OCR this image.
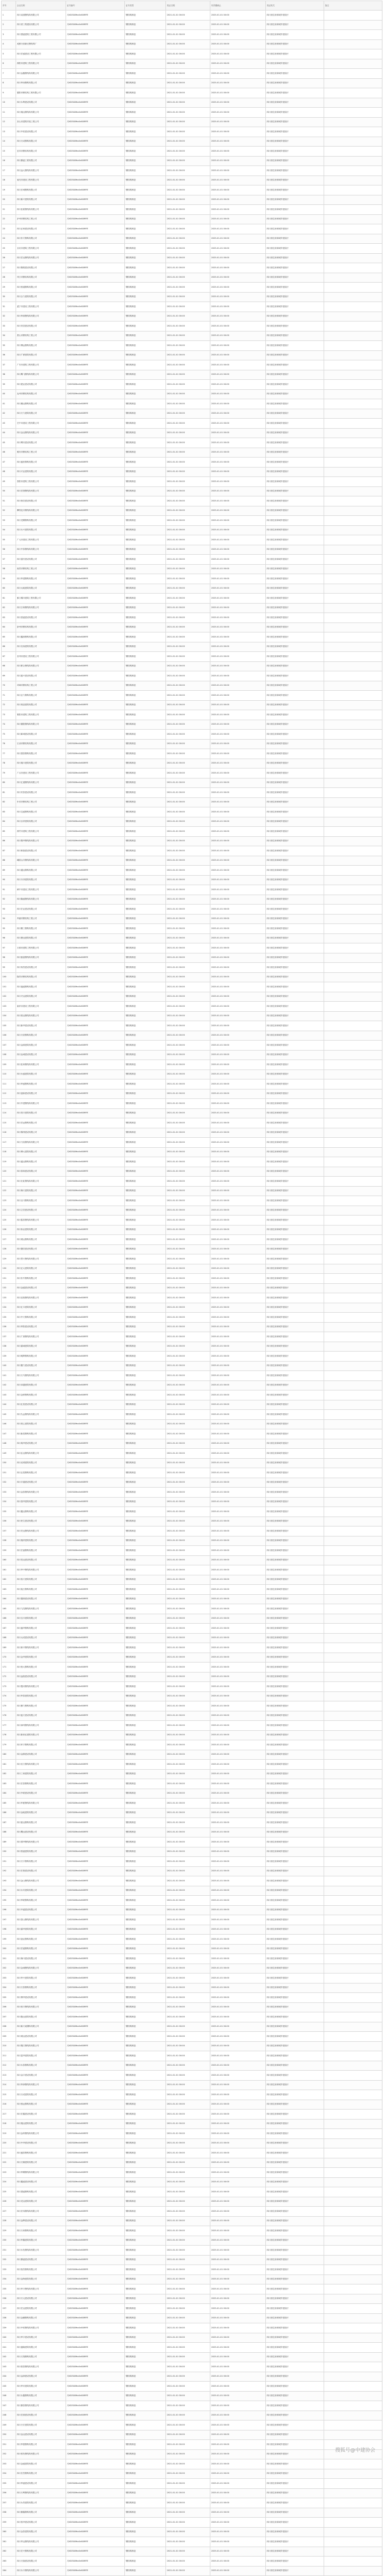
序号	企业名称	证书编号	证书类型	发证日期	有效期截止	发证机关	备注
1	四川双旗钢结构有限公司	川XD3G8Ho0vN3iRFE	钢结构制造	2021-01-01 00:00	2025-01-01 00:00	四川省住房和城乡建设厅	
2	四川省工程建设有限公司	川XD3G8Ho0vN3iRFE	钢结构制造	2021-01-01 00:00	2025-01-01 00:00	四川省住房和城乡建设厅	
3	四川国盛建筑工程有限公司	川XD3G8Ho0vN3iRFE	钢结构制造	2021-01-01 00:00	2025-01-01 00:00	四川省住房和城乡建设厅	
4	成都天府新区钢结构厂	川XD3G8Ho0vN3iRFE	钢结构制造	2021-01-01 00:00	2025-01-01 00:00	四川省住房和城乡建设厅	
5	四川宏盛建设工程有限公司	川XD3G8Ho0vN3iRFE	钢结构制造	2021-01-01 00:00	2025-01-01 00:00	四川省住房和城乡建设厅	
6	绵阳市建筑工程有限公司	川XD3G8Ho0vN3iRFE	钢结构制造	2021-01-01 00:00	2025-01-01 00:00	四川省住房和城乡建设厅	
7	四川金鑫钢结构有限公司	川XD3G8Ho0vN3iRFE	钢结构制造	2021-01-01 00:00	2025-01-01 00:00	四川省住房和城乡建设厅	
8	四川华西钢构有限公司	川XD3G8Ho0vN3iRFE	钢结构制造	2021-01-01 00:00	2025-01-01 00:00	四川省住房和城乡建设厅	
9	德阳市钢结构工程有限公司	川XD3G8Ho0vN3iRFE	钢结构制造	2021-01-01 00:00	2025-01-01 00:00	四川省住房和城乡建设厅	
10	四川永利建设有限公司	川XD3G8Ho0vN3iRFE	钢结构制造	2021-01-01 00:00	2025-01-01 00:00	四川省住房和城乡建设厅	
11	四川瑞达钢结构有限公司	川XD3G8Ho0vN3iRFE	钢结构制造	2021-01-01 00:00	2025-01-01 00:00	四川省住房和城乡建设厅	
12	乐山市建筑安装工程公司	川XD3G8Ho0vN3iRFE	钢结构制造	2021-01-01 00:00	2025-01-01 00:00	四川省住房和城乡建设厅	
13	四川中恒建设有限公司	川XD3G8Ho0vN3iRFE	钢结构制造	2021-01-01 00:00	2025-01-01 00:00	四川省住房和城乡建设厅	
14	四川天成钢构有限公司	川XD3G8Ho0vN3iRFE	钢结构制造	2021-01-01 00:00	2025-01-01 00:00	四川省住房和城乡建设厅	
15	宜宾市钢结构有限公司	川XD3G8Ho0vN3iRFE	钢结构制造	2021-01-01 00:00	2025-01-01 00:00	四川省住房和城乡建设厅	
16	四川鼎盛工程有限公司	川XD3G8Ho0vN3iRFE	钢结构制造	2021-01-01 00:00	2025-01-01 00:00	四川省住房和城乡建设厅	
17	四川远大钢结构有限公司	川XD3G8Ho0vN3iRFE	钢结构制造	2021-01-01 00:00	2025-01-01 00:00	四川省住房和城乡建设厅	
18	南充市建设工程有限公司	川XD3G8Ho0vN3iRFE	钢结构制造	2021-01-01 00:00	2025-01-01 00:00	四川省住房和城乡建设厅	
19	四川长城钢构有限公司	川XD3G8Ho0vN3iRFE	钢结构制造	2021-01-01 00:00	2025-01-01 00:00	四川省住房和城乡建设厅	
20	四川新兴建筑有限公司	川XD3G8Ho0vN3iRFE	钢结构制造	2021-01-01 00:00	2025-01-01 00:00	四川省住房和城乡建设厅	
21	四川佳豪钢结构有限公司	川XD3G8Ho0vN3iRFE	钢结构制造	2021-01-01 00:00	2025-01-01 00:00	四川省住房和城乡建设厅	
22	泸州市钢结构工程公司	川XD3G8Ho0vN3iRFE	钢结构制造	2021-01-01 00:00	2025-01-01 00:00	四川省住房和城乡建设厅	
23	四川正和建设有限公司	川XD3G8Ho0vN3iRFE	钢结构制造	2021-01-01 00:00	2025-01-01 00:00	四川省住房和城乡建设厅	
24	四川东方钢构有限公司	川XD3G8Ho0vN3iRFE	钢结构制造	2021-01-01 00:00	2025-01-01 00:00	四川省住房和城乡建设厅	
25	自贡市建筑工程有限公司	川XD3G8Ho0vN3iRFE	钢结构制造	2021-01-01 00:00	2025-01-01 00:00	四川省住房和城乡建设厅	
26	四川宏达钢结构有限公司	川XD3G8Ho0vN3iRFE	钢结构制造	2021-01-01 00:00	2025-01-01 00:00	四川省住房和城乡建设厅	
27	四川锦程建设有限公司	川XD3G8Ho0vN3iRFE	钢结构制造	2021-01-01 00:00	2025-01-01 00:00	四川省住房和城乡建设厅	
28	内江市钢结构有限公司	川XD3G8Ho0vN3iRFE	钢结构制造	2021-01-01 00:00	2025-01-01 00:00	四川省住房和城乡建设厅	
29	四川恒通钢构有限公司	川XD3G8Ho0vN3iRFE	钢结构制造	2021-01-01 00:00	2025-01-01 00:00	四川省住房和城乡建设厅	
30	四川合力建筑有限公司	川XD3G8Ho0vN3iRFE	钢结构制造	2021-01-01 00:00	2025-01-01 00:00	四川省住房和城乡建设厅	
31	遂宁市建设工程有限公司	川XD3G8Ho0vN3iRFE	钢结构制造	2021-01-01 00:00	2025-01-01 00:00	四川省住房和城乡建设厅	
32	四川华源钢结构有限公司	川XD3G8Ho0vN3iRFE	钢结构制造	2021-01-01 00:00	2025-01-01 00:00	四川省住房和城乡建设厅	
33	四川安居建设有限公司	川XD3G8Ho0vN3iRFE	钢结构制造	2021-01-01 00:00	2025-01-01 00:00	四川省住房和城乡建设厅	
34	眉山市钢结构工程公司	川XD3G8Ho0vN3iRFE	钢结构制造	2021-01-01 00:00	2025-01-01 00:00	四川省住房和城乡建设厅	
35	四川博远钢构有限公司	川XD3G8Ho0vN3iRFE	钢结构制造	2021-01-01 00:00	2025-01-01 00:00	四川省住房和城乡建设厅	
36	四川广厦建筑有限公司	川XD3G8Ho0vN3iRFE	钢结构制造	2021-01-01 00:00	2025-01-01 00:00	四川省住房和城乡建设厅	
37	广安市建筑工程有限公司	川XD3G8Ho0vN3iRFE	钢结构制造	2021-01-01 00:00	2025-01-01 00:00	四川省住房和城乡建设厅	
38	四川腾飞钢结构有限公司	川XD3G8Ho0vN3iRFE	钢结构制造	2021-01-01 00:00	2025-01-01 00:00	四川省住房和城乡建设厅	
39	四川建业建设有限公司	川XD3G8Ho0vN3iRFE	钢结构制造	2021-01-01 00:00	2025-01-01 00:00	四川省住房和城乡建设厅	
40	达州市钢结构有限公司	川XD3G8Ho0vN3iRFE	钢结构制造	2021-01-01 00:00	2025-01-01 00:00	四川省住房和城乡建设厅	
41	四川顺达钢构有限公司	川XD3G8Ho0vN3iRFE	钢结构制造	2021-01-01 00:00	2025-01-01 00:00	四川省住房和城乡建设厅	
42	四川天力建筑有限公司	川XD3G8Ho0vN3iRFE	钢结构制造	2021-01-01 00:00	2025-01-01 00:00	四川省住房和城乡建设厅	
43	巴中市建设工程有限公司	川XD3G8Ho0vN3iRFE	钢结构制造	2021-01-01 00:00	2025-01-01 00:00	四川省住房和城乡建设厅	
44	四川金达钢结构有限公司	川XD3G8Ho0vN3iRFE	钢结构制造	2021-01-01 00:00	2025-01-01 00:00	四川省住房和城乡建设厅	
45	四川利民建设有限公司	川XD3G8Ho0vN3iRFE	钢结构制造	2021-01-01 00:00	2025-01-01 00:00	四川省住房和城乡建设厅	
46	雅安市钢结构工程公司	川XD3G8Ho0vN3iRFE	钢结构制造	2021-01-01 00:00	2025-01-01 00:00	四川省住房和城乡建设厅	
47	四川盛世钢构有限公司	川XD3G8Ho0vN3iRFE	钢结构制造	2021-01-01 00:00	2025-01-01 00:00	四川省住房和城乡建设厅	
48	四川兴业建筑有限公司	川XD3G8Ho0vN3iRFE	钢结构制造	2021-01-01 00:00	2025-01-01 00:00	四川省住房和城乡建设厅	
49	资阳市建筑工程有限公司	川XD3G8Ho0vN3iRFE	钢结构制造	2021-01-01 00:00	2025-01-01 00:00	四川省住房和城乡建设厅	
50	四川宏图钢结构有限公司	川XD3G8Ho0vN3iRFE	钢结构制造	2021-01-01 00:00	2025-01-01 00:00	四川省住房和城乡建设厅	
51	四川恒信建设有限公司	川XD3G8Ho0vN3iRFE	钢结构制造	2021-01-01 00:00	2025-01-01 00:00	四川省住房和城乡建设厅	
52	攀枝花市钢结构有限公司	川XD3G8Ho0vN3iRFE	钢结构制造	2021-01-01 00:00	2025-01-01 00:00	四川省住房和城乡建设厅	
53	四川龙腾钢构有限公司	川XD3G8Ho0vN3iRFE	钢结构制造	2021-01-01 00:00	2025-01-01 00:00	四川省住房和城乡建设厅	
54	四川永兴建筑有限公司	川XD3G8Ho0vN3iRFE	钢结构制造	2021-01-01 00:00	2025-01-01 00:00	四川省住房和城乡建设厅	
55	广元市建设工程有限公司	川XD3G8Ho0vN3iRFE	钢结构制造	2021-01-01 00:00	2025-01-01 00:00	四川省住房和城乡建设厅	
56	四川中泰钢结构有限公司	川XD3G8Ho0vN3iRFE	钢结构制造	2021-01-01 00:00	2025-01-01 00:00	四川省住房和城乡建设厅	
57	四川富民建设有限公司	川XD3G8Ho0vN3iRFE	钢结构制造	2021-01-01 00:00	2025-01-01 00:00	四川省住房和城乡建设厅	
58	西昌市钢结构工程公司	川XD3G8Ho0vN3iRFE	钢结构制造	2021-01-01 00:00	2025-01-01 00:00	四川省住房和城乡建设厅	
59	四川华建钢构有限公司	川XD3G8Ho0vN3iRFE	钢结构制造	2021-01-01 00:00	2025-01-01 00:00	四川省住房和城乡建设厅	
60	四川大地建筑有限公司	川XD3G8Ho0vN3iRFE	钢结构制造	2021-01-01 00:00	2025-01-01 00:00	四川省住房和城乡建设厅	
61	都江堰市建筑工程有限公司	川XD3G8Ho0vN3iRFE	钢结构制造	2021-01-01 00:00	2025-01-01 00:00	四川省住房和城乡建设厅	
62	四川万和钢结构有限公司	川XD3G8Ho0vN3iRFE	钢结构制造	2021-01-01 00:00	2025-01-01 00:00	四川省住房和城乡建设厅	
63	四川昌盛建设有限公司	川XD3G8Ho0vN3iRFE	钢结构制造	2021-01-01 00:00	2025-01-01 00:00	四川省住房和城乡建设厅	
64	彭州市钢结构有限公司	川XD3G8Ho0vN3iRFE	钢结构制造	2021-01-01 00:00	2025-01-01 00:00	四川省住房和城乡建设厅	
65	四川鑫源钢构有限公司	川XD3G8Ho0vN3iRFE	钢结构制造	2021-01-01 00:00	2025-01-01 00:00	四川省住房和城乡建设厅	
66	四川名扬建筑有限公司	川XD3G8Ho0vN3iRFE	钢结构制造	2021-01-01 00:00	2025-01-01 00:00	四川省住房和城乡建设厅	
67	崇州市建设工程有限公司	川XD3G8Ho0vN3iRFE	钢结构制造	2021-01-01 00:00	2025-01-01 00:00	四川省住房和城乡建设厅	
68	四川联合钢结构有限公司	川XD3G8Ho0vN3iRFE	钢结构制造	2021-01-01 00:00	2025-01-01 00:00	四川省住房和城乡建设厅	
69	四川振兴建设有限公司	川XD3G8Ho0vN3iRFE	钢结构制造	2021-01-01 00:00	2025-01-01 00:00	四川省住房和城乡建设厅	
70	邛崃市钢结构工程公司	川XD3G8Ho0vN3iRFE	钢结构制造	2021-01-01 00:00	2025-01-01 00:00	四川省住房和城乡建设厅	
71	四川巨力钢构有限公司	川XD3G8Ho0vN3iRFE	钢结构制造	2021-01-01 00:00	2025-01-01 00:00	四川省住房和城乡建设厅	
72	四川同创建筑有限公司	川XD3G8Ho0vN3iRFE	钢结构制造	2021-01-01 00:00	2025-01-01 00:00	四川省住房和城乡建设厅	
73	简阳市建筑工程有限公司	川XD3G8Ho0vN3iRFE	钢结构制造	2021-01-01 00:00	2025-01-01 00:00	四川省住房和城乡建设厅	
74	四川德胜钢结构有限公司	川XD3G8Ho0vN3iRFE	钢结构制造	2021-01-01 00:00	2025-01-01 00:00	四川省住房和城乡建设厅	
75	四川新城建设有限公司	川XD3G8Ho0vN3iRFE	钢结构制造	2021-01-01 00:00	2025-01-01 00:00	四川省住房和城乡建设厅	
76	江油市钢结构有限公司	川XD3G8Ho0vN3iRFE	钢结构制造	2021-01-01 00:00	2025-01-01 00:00	四川省住房和城乡建设厅	
77	四川国泰钢构有限公司	川XD3G8Ho0vN3iRFE	钢结构制造	2021-01-01 00:00	2025-01-01 00:00	四川省住房和城乡建设厅	
78	四川瑞丰建筑有限公司	川XD3G8Ho0vN3iRFE	钢结构制造	2021-01-01 00:00	2025-01-01 00:00	四川省住房和城乡建设厅	
79	广汉市建设工程有限公司	川XD3G8Ho0vN3iRFE	钢结构制造	2021-01-01 00:00	2025-01-01 00:00	四川省住房和城乡建设厅	
80	四川汇通钢结构有限公司	川XD3G8Ho0vN3iRFE	钢结构制造	2021-01-01 00:00	2025-01-01 00:00	四川省住房和城乡建设厅	
81	四川安泰建设有限公司	川XD3G8Ho0vN3iRFE	钢结构制造	2021-01-01 00:00	2025-01-01 00:00	四川省住房和城乡建设厅	
82	什邡市钢结构工程公司	川XD3G8Ho0vN3iRFE	钢结构制造	2021-01-01 00:00	2025-01-01 00:00	四川省住房和城乡建设厅	
83	四川宝盛钢构有限公司	川XD3G8Ho0vN3iRFE	钢结构制造	2021-01-01 00:00	2025-01-01 00:00	四川省住房和城乡建设厅	
84	四川吉祥建筑有限公司	川XD3G8Ho0vN3iRFE	钢结构制造	2021-01-01 00:00	2025-01-01 00:00	四川省住房和城乡建设厅	
85	绵竹市建筑工程有限公司	川XD3G8Ho0vN3iRFE	钢结构制造	2021-01-01 00:00	2025-01-01 00:00	四川省住房和城乡建设厅	
86	四川锦华钢结构有限公司	川XD3G8Ho0vN3iRFE	钢结构制造	2021-01-01 00:00	2025-01-01 00:00	四川省住房和城乡建设厅	
87	四川和谐建设有限公司	川XD3G8Ho0vN3iRFE	钢结构制造	2021-01-01 00:00	2025-01-01 00:00	四川省住房和城乡建设厅	
88	峨眉山市钢结构有限公司	川XD3G8Ho0vN3iRFE	钢结构制造	2021-01-01 00:00	2025-01-01 00:00	四川省住房和城乡建设厅	
89	四川通达钢构有限公司	川XD3G8Ho0vN3iRFE	钢结构制造	2021-01-01 00:00	2025-01-01 00:00	四川省住房和城乡建设厅	
90	四川丰泽建筑有限公司	川XD3G8Ho0vN3iRFE	钢结构制造	2021-01-01 00:00	2025-01-01 00:00	四川省住房和城乡建设厅	
91	阆中市建设工程有限公司	川XD3G8Ho0vN3iRFE	钢结构制造	2021-01-01 00:00	2025-01-01 00:00	四川省住房和城乡建设厅	
92	四川隆盛钢结构有限公司	川XD3G8Ho0vN3iRFE	钢结构制造	2021-01-01 00:00	2025-01-01 00:00	四川省住房和城乡建设厅	
93	四川宏业建设有限公司	川XD3G8Ho0vN3iRFE	钢结构制造	2021-01-01 00:00	2025-01-01 00:00	四川省住房和城乡建设厅	
94	华蓥市钢结构工程公司	川XD3G8Ho0vN3iRFE	钢结构制造	2021-01-01 00:00	2025-01-01 00:00	四川省住房和城乡建设厅	
95	四川精工钢构有限公司	川XD3G8Ho0vN3iRFE	钢结构制造	2021-01-01 00:00	2025-01-01 00:00	四川省住房和城乡建设厅	
96	四川康达建筑有限公司	川XD3G8Ho0vN3iRFE	钢结构制造	2021-01-01 00:00	2025-01-01 00:00	四川省住房和城乡建设厅	
97	万源市建筑工程有限公司	川XD3G8Ho0vN3iRFE	钢结构制造	2021-01-01 00:00	2025-01-01 00:00	四川省住房和城乡建设厅	
98	四川凯旋钢结构有限公司	川XD3G8Ho0vN3iRFE	钢结构制造	2021-01-01 00:00	2025-01-01 00:00	四川省住房和城乡建设厅	
99	四川荣昌建设有限公司	川XD3G8Ho0vN3iRFE	钢结构制造	2021-01-01 00:00	2025-01-01 00:00	四川省住房和城乡建设厅	
100	隆昌市钢结构有限公司	川XD3G8Ho0vN3iRFE	钢结构制造	2021-01-01 00:00	2025-01-01 00:00	四川省住房和城乡建设厅	
101	四川福盛钢构有限公司	川XD3G8Ho0vN3iRFE	钢结构制造	2021-01-01 00:00	2025-01-01 00:00	四川省住房和城乡建设厅	
102	四川兴达建筑有限公司	川XD3G8Ho0vN3iRFE	钢结构制造	2021-01-01 00:00	2025-01-01 00:00	四川省住房和城乡建设厅	
103	射洪市建设工程有限公司	川XD3G8Ho0vN3iRFE	钢结构制造	2021-01-01 00:00	2025-01-01 00:00	四川省住房和城乡建设厅	
104	四川恒达钢结构有限公司	川XD3G8Ho0vN3iRFE	钢结构制造	2021-01-01 00:00	2025-01-01 00:00	四川省住房和城乡建设厅	
105	四川新华建设有限公司	川XD3G8Ho0vN3iRFE	钢结构制造	2021-01-01 00:00	2025-01-01 00:00	四川省住房和城乡建设厅	
106	四川天府钢构有限公司	川XD3G8Ho0vN3iRFE	钢结构制造	2021-01-01 00:00	2025-01-01 00:00	四川省住房和城乡建设厅	
107	四川金源建筑有限公司	川XD3G8Ho0vN3iRFE	钢结构制造	2021-01-01 00:00	2025-01-01 00:00	四川省住房和城乡建设厅	
108	四川众诚建设有限公司	川XD3G8Ho0vN3iRFE	钢结构制造	2021-01-01 00:00	2025-01-01 00:00	四川省住房和城乡建设厅	
109	四川佳和钢结构有限公司	川XD3G8Ho0vN3iRFE	钢结构制造	2021-01-01 00:00	2025-01-01 00:00	四川省住房和城乡建设厅	
110	四川永盛建筑有限公司	川XD3G8Ho0vN3iRFE	钢结构制造	2021-01-01 00:00	2025-01-01 00:00	四川省住房和城乡建设厅	
111	四川华盛钢构有限公司	川XD3G8Ho0vN3iRFE	钢结构制造	2021-01-01 00:00	2025-01-01 00:00	四川省住房和城乡建设厅	
112	四川创新建设有限公司	川XD3G8Ho0vN3iRFE	钢结构制造	2021-01-01 00:00	2025-01-01 00:00	四川省住房和城乡建设厅	
113	四川中建钢结构有限公司	川XD3G8Ho0vN3iRFE	钢结构制造	2021-01-01 00:00	2025-01-01 00:00	四川省住房和城乡建设厅	
114	四川美丰建筑有限公司	川XD3G8Ho0vN3iRFE	钢结构制造	2021-01-01 00:00	2025-01-01 00:00	四川省住房和城乡建设厅	
115	四川宏远钢构有限公司	川XD3G8Ho0vN3iRFE	钢结构制造	2021-01-01 00:00	2025-01-01 00:00	四川省住房和城乡建设厅	
116	四川锦绣建设有限公司	川XD3G8Ho0vN3iRFE	钢结构制造	2021-01-01 00:00	2025-01-01 00:00	四川省住房和城乡建设厅	
117	四川力拓钢结构有限公司	川XD3G8Ho0vN3iRFE	钢结构制造	2021-01-01 00:00	2025-01-01 00:00	四川省住房和城乡建设厅	
118	四川博大建筑有限公司	川XD3G8Ho0vN3iRFE	钢结构制造	2021-01-01 00:00	2025-01-01 00:00	四川省住房和城乡建设厅	
119	四川盛达钢构有限公司	川XD3G8Ho0vN3iRFE	钢结构制造	2021-01-01 00:00	2025-01-01 00:00	四川省住房和城乡建设厅	
120	四川泰和建设有限公司	川XD3G8Ho0vN3iRFE	钢结构制造	2021-01-01 00:00	2025-01-01 00:00	四川省住房和城乡建设厅	
121	四川长虹钢结构有限公司	川XD3G8Ho0vN3iRFE	钢结构制造	2021-01-01 00:00	2025-01-01 00:00	四川省住房和城乡建设厅	
122	四川海天建筑有限公司	川XD3G8Ho0vN3iRFE	钢结构制造	2021-01-01 00:00	2025-01-01 00:00	四川省住房和城乡建设厅	
123	四川百川钢构有限公司	川XD3G8Ho0vN3iRFE	钢结构制造	2021-01-01 00:00	2025-01-01 00:00	四川省住房和城乡建设厅	
124	四川立信建设有限公司	川XD3G8Ho0vN3iRFE	钢结构制造	2021-01-01 00:00	2025-01-01 00:00	四川省住房和城乡建设厅	
125	四川铭泰钢结构有限公司	川XD3G8Ho0vN3iRFE	钢结构制造	2021-01-01 00:00	2025-01-01 00:00	四川省住房和城乡建设厅	
126	四川伟业建筑有限公司	川XD3G8Ho0vN3iRFE	钢结构制造	2021-01-01 00:00	2025-01-01 00:00	四川省住房和城乡建设厅	
127	四川鸿运钢构有限公司	川XD3G8Ho0vN3iRFE	钢结构制造	2021-01-01 00:00	2025-01-01 00:00	四川省住房和城乡建设厅	
128	四川德信建设有限公司	川XD3G8Ho0vN3iRFE	钢结构制造	2021-01-01 00:00	2025-01-01 00:00	四川省住房和城乡建设厅	
129	四川景天钢结构有限公司	川XD3G8Ho0vN3iRFE	钢结构制造	2021-01-01 00:00	2025-01-01 00:00	四川省住房和城乡建设厅	
130	四川正大建筑有限公司	川XD3G8Ho0vN3iRFE	钢结构制造	2021-01-01 00:00	2025-01-01 00:00	四川省住房和城乡建设厅	
131	四川东升钢构有限公司	川XD3G8Ho0vN3iRFE	钢结构制造	2021-01-01 00:00	2025-01-01 00:00	四川省住房和城乡建设厅	
132	四川金盛建设有限公司	川XD3G8Ho0vN3iRFE	钢结构制造	2021-01-01 00:00	2025-01-01 00:00	四川省住房和城乡建设厅	
133	四川启航钢结构有限公司	川XD3G8Ho0vN3iRFE	钢结构制造	2021-01-01 00:00	2025-01-01 00:00	四川省住房和城乡建设厅	
134	四川汇丰建筑有限公司	川XD3G8Ho0vN3iRFE	钢结构制造	2021-01-01 00:00	2025-01-01 00:00	四川省住房和城乡建设厅	
135	四川中天钢构有限公司	川XD3G8Ho0vN3iRFE	钢结构制造	2021-01-01 00:00	2025-01-01 00:00	四川省住房和城乡建设厅	
136	四川华阳建设有限公司	川XD3G8Ho0vN3iRFE	钢结构制造	2021-01-01 00:00	2025-01-01 00:00	四川省住房和城乡建设厅	
137	四川广源钢结构有限公司	川XD3G8Ho0vN3iRFE	钢结构制造	2021-01-01 00:00	2025-01-01 00:00	四川省住房和城乡建设厅	
138	四川嘉诚建筑有限公司	川XD3G8Ho0vN3iRFE	钢结构制造	2021-01-01 00:00	2025-01-01 00:00	四川省住房和城乡建设厅	
139	四川明辉钢构有限公司	川XD3G8Ho0vN3iRFE	钢结构制造	2021-01-01 00:00	2025-01-01 00:00	四川省住房和城乡建设厅	
140	四川聚力建设有限公司	川XD3G8Ho0vN3iRFE	钢结构制造	2021-01-01 00:00	2025-01-01 00:00	四川省住房和城乡建设厅	
141	四川天马钢结构有限公司	川XD3G8Ho0vN3iRFE	钢结构制造	2021-01-01 00:00	2025-01-01 00:00	四川省住房和城乡建设厅	
142	四川卓越建筑有限公司	川XD3G8Ho0vN3iRFE	钢结构制造	2021-01-01 00:00	2025-01-01 00:00	四川省住房和城乡建设厅	
143	四川金桥钢构有限公司	川XD3G8Ho0vN3iRFE	钢结构制造	2021-01-01 00:00	2025-01-01 00:00	四川省住房和城乡建设厅	
144	四川红星建设有限公司	川XD3G8Ho0vN3iRFE	钢结构制造	2021-01-01 00:00	2025-01-01 00:00	四川省住房和城乡建设厅	
145	四川久远钢结构有限公司	川XD3G8Ho0vN3iRFE	钢结构制造	2021-01-01 00:00	2025-01-01 00:00	四川省住房和城乡建设厅	
146	四川同心建筑有限公司	川XD3G8Ho0vN3iRFE	钢结构制造	2021-01-01 00:00	2025-01-01 00:00	四川省住房和城乡建设厅	
147	四川新星钢构有限公司	川XD3G8Ho0vN3iRFE	钢结构制造	2021-01-01 00:00	2025-01-01 00:00	四川省住房和城乡建设厅	
148	四川奥华建设有限公司	川XD3G8Ho0vN3iRFE	钢结构制造	2021-01-01 00:00	2025-01-01 00:00	四川省住房和城乡建设厅	
149	四川弘达钢结构有限公司	川XD3G8Ho0vN3iRFE	钢结构制造	2021-01-01 00:00	2025-01-01 00:00	四川省住房和城乡建设厅	
150	四川光明建筑有限公司	川XD3G8Ho0vN3iRFE	钢结构制造	2021-01-01 00:00	2025-01-01 00:00	四川省住房和城乡建设厅	
151	四川巨星钢构有限公司	川XD3G8Ho0vN3iRFE	钢结构制造	2021-01-01 00:00	2025-01-01 00:00	四川省住房和城乡建设厅	
152	四川宇通建设有限公司	川XD3G8Ho0vN3iRFE	钢结构制造	2021-01-01 00:00	2025-01-01 00:00	四川省住房和城乡建设厅	
153	四川金泰钢结构有限公司	川XD3G8Ho0vN3iRFE	钢结构制造	2021-01-01 00:00	2025-01-01 00:00	四川省住房和城乡建设厅	
154	四川春华建筑有限公司	川XD3G8Ho0vN3iRFE	钢结构制造	2021-01-01 00:00	2025-01-01 00:00	四川省住房和城乡建设厅	
155	四川鑫达钢构有限公司	川XD3G8Ho0vN3iRFE	钢结构制造	2021-01-01 00:00	2025-01-01 00:00	四川省住房和城乡建设厅	
156	四川民生建设有限公司	川XD3G8Ho0vN3iRFE	钢结构制造	2021-01-01 00:00	2025-01-01 00:00	四川省住房和城乡建设厅	
157	四川安达钢结构有限公司	川XD3G8Ho0vN3iRFE	钢结构制造	2021-01-01 00:00	2025-01-01 00:00	四川省住房和城乡建设厅	
158	四川瑞祥建筑有限公司	川XD3G8Ho0vN3iRFE	钢结构制造	2021-01-01 00:00	2025-01-01 00:00	四川省住房和城乡建设厅	
159	四川宏福钢构有限公司	川XD3G8Ho0vN3iRFE	钢结构制造	2021-01-01 00:00	2025-01-01 00:00	四川省住房和城乡建设厅	
160	四川信达建设有限公司	川XD3G8Ho0vN3iRFE	钢结构制造	2021-01-01 00:00	2025-01-01 00:00	四川省住房和城乡建设厅	
161	四川华中钢结构有限公司	川XD3G8Ho0vN3iRFE	钢结构制造	2021-01-01 00:00	2025-01-01 00:00	四川省住房和城乡建设厅	
162	四川浩天建筑有限公司	川XD3G8Ho0vN3iRFE	钢结构制造	2021-01-01 00:00	2025-01-01 00:00	四川省住房和城乡建设厅	
163	四川旭日钢构有限公司	川XD3G8Ho0vN3iRFE	钢结构制造	2021-01-01 00:00	2025-01-01 00:00	四川省住房和城乡建设厅	
164	四川德源建设有限公司	川XD3G8Ho0vN3iRFE	钢结构制造	2021-01-01 00:00	2025-01-01 00:00	四川省住房和城乡建设厅	
165	四川飞龙钢结构有限公司	川XD3G8Ho0vN3iRFE	钢结构制造	2021-01-01 00:00	2025-01-01 00:00	四川省住房和城乡建设厅	
166	四川宝丰建筑有限公司	川XD3G8Ho0vN3iRFE	钢结构制造	2021-01-01 00:00	2025-01-01 00:00	四川省住房和城乡建设厅	
167	四川盛华钢构有限公司	川XD3G8Ho0vN3iRFE	钢结构制造	2021-01-01 00:00	2025-01-01 00:00	四川省住房和城乡建设厅	
168	四川大成建设有限公司	川XD3G8Ho0vN3iRFE	钢结构制造	2021-01-01 00:00	2025-01-01 00:00	四川省住房和城乡建设厅	
169	四川和平钢结构有限公司	川XD3G8Ho0vN3iRFE	钢结构制造	2021-01-01 00:00	2025-01-01 00:00	四川省住房和城乡建设厅	
170	四川金华建筑有限公司	川XD3G8Ho0vN3iRFE	钢结构制造	2021-01-01 00:00	2025-01-01 00:00	四川省住房和城乡建设厅	
171	四川恒大钢构有限公司	川XD3G8Ho0vN3iRFE	钢结构制造	2021-01-01 00:00	2025-01-01 00:00	四川省住房和城乡建设厅	
172	四川远航建设有限公司	川XD3G8Ho0vN3iRFE	钢结构制造	2021-01-01 00:00	2025-01-01 00:00	四川省住房和城乡建设厅	
173	四川银河钢结构有限公司	川XD3G8Ho0vN3iRFE	钢结构制造	2021-01-01 00:00	2025-01-01 00:00	四川省住房和城乡建设厅	
174	四川华泰建筑有限公司	川XD3G8Ho0vN3iRFE	钢结构制造	2021-01-01 00:00	2025-01-01 00:00	四川省住房和城乡建设厅	
175	四川鼎力钢构有限公司	川XD3G8Ho0vN3iRFE	钢结构制造	2021-01-01 00:00	2025-01-01 00:00	四川省住房和城乡建设厅	
176	四川蓝天建设有限公司	川XD3G8Ho0vN3iRFE	钢结构制造	2021-01-01 00:00	2025-01-01 00:00	四川省住房和城乡建设厅	
177	四川神州钢结构有限公司	川XD3G8Ho0vN3iRFE	钢结构制造	2021-01-01 00:00	2025-01-01 00:00	四川省住房和城乡建设厅	
178	四川新世纪建筑有限公司	川XD3G8Ho0vN3iRFE	钢结构制造	2021-01-01 00:00	2025-01-01 00:00	四川省住房和城乡建设厅	
179	四川环宇钢构有限公司	川XD3G8Ho0vN3iRFE	钢结构制造	2021-01-01 00:00	2025-01-01 00:00	四川省住房和城乡建设厅	
180	四川金鼎建设有限公司	川XD3G8Ho0vN3iRFE	钢结构制造	2021-01-01 00:00	2025-01-01 00:00	四川省住房和城乡建设厅	
181	四川长江钢结构有限公司	川XD3G8Ho0vN3iRFE	钢结构制造	2021-01-01 00:00	2025-01-01 00:00	四川省住房和城乡建设厅	
182	四川三和建筑有限公司	川XD3G8Ho0vN3iRFE	钢结构制造	2021-01-01 00:00	2025-01-01 00:00	四川省住房和城乡建设厅	
183	四川宏泰钢构有限公司	川XD3G8Ho0vN3iRFE	钢结构制造	2021-01-01 00:00	2025-01-01 00:00	四川省住房和城乡建设厅	
184	四川中联建设有限公司	川XD3G8Ho0vN3iRFE	钢结构制造	2021-01-01 00:00	2025-01-01 00:00	四川省住房和城乡建设厅	
185	四川华夏钢结构有限公司	川XD3G8Ho0vN3iRFE	钢结构制造	2021-01-01 00:00	2025-01-01 00:00	四川省住房和城乡建设厅	
186	四川金地建筑有限公司	川XD3G8Ho0vN3iRFE	钢结构制造	2021-01-01 00:00	2025-01-01 00:00	四川省住房和城乡建设厅	
187	四川凯达钢构有限公司	川XD3G8Ho0vN3iRFE	钢结构制造	2021-01-01 00:00	2025-01-01 00:00	四川省住房和城乡建设厅	
188	四川腾达建设有限公司	川XD3G8Ho0vN3iRFE	钢结构制造	2021-01-01 00:00	2025-01-01 00:00	四川省住房和城乡建设厅	
189	四川国华钢结构有限公司	川XD3G8Ho0vN3iRFE	钢结构制造	2021-01-01 00:00	2025-01-01 00:00	四川省住房和城乡建设厅	
190	四川恒盛建筑有限公司	川XD3G8Ho0vN3iRFE	钢结构制造	2021-01-01 00:00	2025-01-01 00:00	四川省住房和城乡建设厅	
191	四川天宇钢构有限公司	川XD3G8Ho0vN3iRFE	钢结构制造	2021-01-01 00:00	2025-01-01 00:00	四川省住房和城乡建设厅	
192	四川宏基建设有限公司	川XD3G8Ho0vN3iRFE	钢结构制造	2021-01-01 00:00	2025-01-01 00:00	四川省住房和城乡建设厅	
193	四川金山钢结构有限公司	川XD3G8Ho0vN3iRFE	钢结构制造	2021-01-01 00:00	2025-01-01 00:00	四川省住房和城乡建设厅	
194	四川永安建筑有限公司	川XD3G8Ho0vN3iRFE	钢结构制造	2021-01-01 00:00	2025-01-01 00:00	四川省住房和城乡建设厅	
195	四川华联钢构有限公司	川XD3G8Ho0vN3iRFE	钢结构制造	2021-01-01 00:00	2025-01-01 00:00	四川省住房和城乡建设厅	
196	四川中盛建设有限公司	川XD3G8Ho0vN3iRFE	钢结构制造	2021-01-01 00:00	2025-01-01 00:00	四川省住房和城乡建设厅	
197	四川泰山钢结构有限公司	川XD3G8Ho0vN3iRFE	钢结构制造	2021-01-01 00:00	2025-01-01 00:00	四川省住房和城乡建设厅	
198	四川嘉华建筑有限公司	川XD3G8Ho0vN3iRFE	钢结构制造	2021-01-01 00:00	2025-01-01 00:00	四川省住房和城乡建设厅	
199	四川创业钢构有限公司	川XD3G8Ho0vN3iRFE	钢结构制造	2021-01-01 00:00	2025-01-01 00:00	四川省住房和城乡建设厅	
200	四川宏盛钢构有限公司	川XD3G8Ho0vN3iRFE	钢结构制造	2021-01-01 00:00	2025-01-01 00:00	四川省住房和城乡建设厅	
201	四川海川建设有限公司	川XD3G8Ho0vN3iRFE	钢结构制造	2021-01-01 00:00	2025-01-01 00:00	四川省住房和城乡建设厅	
202	四川金诚钢结构有限公司	川XD3G8Ho0vN3iRFE	钢结构制造	2021-01-01 00:00	2025-01-01 00:00	四川省住房和城乡建设厅	
203	四川华兴建筑有限公司	川XD3G8Ho0vN3iRFE	钢结构制造	2021-01-01 00:00	2025-01-01 00:00	四川省住房和城乡建设厅	
204	四川天泰钢构有限公司	川XD3G8Ho0vN3iRFE	钢结构制造	2021-01-01 00:00	2025-01-01 00:00	四川省住房和城乡建设厅	
205	四川博华建设有限公司	川XD3G8Ho0vN3iRFE	钢结构制造	2021-01-01 00:00	2025-01-01 00:00	四川省住房和城乡建设厅	
206	四川恒丰钢结构有限公司	川XD3G8Ho0vN3iRFE	钢结构制造	2021-01-01 00:00	2025-01-01 00:00	四川省住房和城乡建设厅	
207	四川隆达建筑有限公司	川XD3G8Ho0vN3iRFE	钢结构制造	2021-01-01 00:00	2025-01-01 00:00	四川省住房和城乡建设厅	
208	四川新天地钢构有限公司	川XD3G8Ho0vN3iRFE	钢结构制造	2021-01-01 00:00	2025-01-01 00:00	四川省住房和城乡建设厅	
209	四川鸿达建设有限公司	川XD3G8Ho0vN3iRFE	钢结构制造	2021-01-01 00:00	2025-01-01 00:00	四川省住房和城乡建设厅	
210	四川锦江钢结构有限公司	川XD3G8Ho0vN3iRFE	钢结构制造	2021-01-01 00:00	2025-01-01 00:00	四川省住房和城乡建设厅	
211	四川富华建筑有限公司	川XD3G8Ho0vN3iRFE	钢结构制造	2021-01-01 00:00	2025-01-01 00:00	四川省住房和城乡建设厅	
212	四川永泰钢构有限公司	川XD3G8Ho0vN3iRFE	钢结构制造	2021-01-01 00:00	2025-01-01 00:00	四川省住房和城乡建设厅	
213	四川金宇建设有限公司	川XD3G8Ho0vN3iRFE	钢结构制造	2021-01-01 00:00	2025-01-01 00:00	四川省住房和城乡建设厅	
214	四川华润钢结构有限公司	川XD3G8Ho0vN3iRFE	钢结构制造	2021-01-01 00:00	2025-01-01 00:00	四川省住房和城乡建设厅	
215	四川天成建筑有限公司	川XD3G8Ho0vN3iRFE	钢结构制造	2021-01-01 00:00	2025-01-01 00:00	四川省住房和城乡建设厅	
216	四川恒远钢构有限公司	川XD3G8Ho0vN3iRFE	钢结构制造	2021-01-01 00:00	2025-01-01 00:00	四川省住房和城乡建设厅	
217	四川宏鑫建设有限公司	川XD3G8Ho0vN3iRFE	钢结构制造	2021-01-01 00:00	2025-01-01 00:00	四川省住房和城乡建设厅	
218	四川瑞达建筑有限公司	川XD3G8Ho0vN3iRFE	钢结构制造	2021-01-01 00:00	2025-01-01 00:00	四川省住房和城乡建设厅	
219	四川金科钢结构有限公司	川XD3G8Ho0vN3iRFE	钢结构制造	2021-01-01 00:00	2025-01-01 00:00	四川省住房和城乡建设厅	
220	四川中华建设有限公司	川XD3G8Ho0vN3iRFE	钢结构制造	2021-01-01 00:00	2025-01-01 00:00	四川省住房和城乡建设厅	
221	四川盛泰钢构有限公司	川XD3G8Ho0vN3iRFE	钢结构制造	2021-01-01 00:00	2025-01-01 00:00	四川省住房和城乡建设厅	
222	四川天顺建筑有限公司	川XD3G8Ho0vN3iRFE	钢结构制造	2021-01-01 00:00	2025-01-01 00:00	四川省住房和城乡建设厅	
223	四川华腾钢结构有限公司	川XD3G8Ho0vN3iRFE	钢结构制造	2021-01-01 00:00	2025-01-01 00:00	四川省住房和城乡建设厅	
224	四川鑫盛建设有限公司	川XD3G8Ho0vN3iRFE	钢结构制造	2021-01-01 00:00	2025-01-01 00:00	四川省住房和城乡建设厅	
225	四川国盛钢构有限公司	川XD3G8Ho0vN3iRFE	钢结构制造	2021-01-01 00:00	2025-01-01 00:00	四川省住房和城乡建设厅	
226	四川龙达建筑有限公司	川XD3G8Ho0vN3iRFE	钢结构制造	2021-01-01 00:00	2025-01-01 00:00	四川省住房和城乡建设厅	
227	四川宏伟钢结构有限公司	川XD3G8Ho0vN3iRFE	钢结构制造	2021-01-01 00:00	2025-01-01 00:00	四川省住房和城乡建设厅	
228	四川金辉建设有限公司	川XD3G8Ho0vN3iRFE	钢结构制造	2021-01-01 00:00	2025-01-01 00:00	四川省住房和城乡建设厅	
229	四川天和钢构有限公司	川XD3G8Ho0vN3iRFE	钢结构制造	2021-01-01 00:00	2025-01-01 00:00	四川省住房和城乡建设厅	
230	四川华鑫建筑有限公司	川XD3G8Ho0vN3iRFE	钢结构制造	2021-01-01 00:00	2025-01-01 00:00	四川省住房和城乡建设厅	
231	四川永发钢结构有限公司	川XD3G8Ho0vN3iRFE	钢结构制造	2021-01-01 00:00	2025-01-01 00:00	四川省住房和城乡建设厅	
232	四川鼎盛建设有限公司	川XD3G8Ho0vN3iRFE	钢结构制造	2021-01-01 00:00	2025-01-01 00:00	四川省住房和城乡建设厅	
233	四川恒昌钢构有限公司	川XD3G8Ho0vN3iRFE	钢结构制造	2021-01-01 00:00	2025-01-01 00:00	四川省住房和城乡建设厅	
234	四川金海建筑有限公司	川XD3G8Ho0vN3iRFE	钢结构制造	2021-01-01 00:00	2025-01-01 00:00	四川省住房和城乡建设厅	
235	四川华丰钢结构有限公司	川XD3G8Ho0vN3iRFE	钢结构制造	2021-01-01 00:00	2025-01-01 00:00	四川省住房和城乡建设厅	
236	四川天元建设有限公司	川XD3G8Ho0vN3iRFE	钢结构制造	2021-01-01 00:00	2025-01-01 00:00	四川省住房和城乡建设厅	
237	四川宏达建筑有限公司	川XD3G8Ho0vN3iRFE	钢结构制造	2021-01-01 00:00	2025-01-01 00:00	四川省住房和城乡建设厅	
238	四川金鹏钢构有限公司	川XD3G8Ho0vN3iRFE	钢结构制造	2021-01-01 00:00	2025-01-01 00:00	四川省住房和城乡建设厅	
239	四川中恒钢结构有限公司	川XD3G8Ho0vN3iRFE	钢结构制造	2021-01-01 00:00	2025-01-01 00:00	四川省住房和城乡建设厅	
240	四川华宇建设有限公司	川XD3G8Ho0vN3iRFE	钢结构制造	2021-01-01 00:00	2025-01-01 00:00	四川省住房和城乡建设厅	
241	四川盛隆建筑有限公司	川XD3G8Ho0vN3iRFE	钢结构制造	2021-01-01 00:00	2025-01-01 00:00	四川省住房和城乡建设厅	
242	四川天翔钢构有限公司	川XD3G8Ho0vN3iRFE	钢结构制造	2021-01-01 00:00	2025-01-01 00:00	四川省住房和城乡建设厅	
243	四川恒泰钢结构有限公司	川XD3G8Ho0vN3iRFE	钢结构制造	2021-01-01 00:00	2025-01-01 00:00	四川省住房和城乡建设厅	
244	四川金润建设有限公司	川XD3G8Ho0vN3iRFE	钢结构制造	2021-01-01 00:00	2025-01-01 00:00	四川省住房和城乡建设厅	
245	四川华安建筑有限公司	川XD3G8Ho0vN3iRFE	钢结构制造	2021-01-01 00:00	2025-01-01 00:00	四川省住房和城乡建设厅	
246	四川永鑫钢构有限公司	川XD3G8Ho0vN3iRFE	钢结构制造	2021-01-01 00:00	2025-01-01 00:00	四川省住房和城乡建设厅	
247	四川鼎泰钢结构有限公司	川XD3G8Ho0vN3iRFE	钢结构制造	2021-01-01 00:00	2025-01-01 00:00	四川省住房和城乡建设厅	
248	四川宏源建设有限公司	川XD3G8Ho0vN3iRFE	钢结构制造	2021-01-01 00:00	2025-01-01 00:00	四川省住房和城乡建设厅	
249	四川天宏建筑有限公司	川XD3G8Ho0vN3iRFE	钢结构制造	2021-01-01 00:00	2025-01-01 00:00	四川省住房和城乡建设厅	
250	四川金达建设有限公司	川XD3G8Ho0vN3iRFE	钢结构制造	2021-01-01 00:00	2025-01-01 00:00	四川省住房和城乡建设厅	
251	四川华强钢构有限公司	川XD3G8Ho0vN3iRFE	钢结构制造	2021-01-01 00:00	2025-01-01 00:00	四川省住房和城乡建设厅	
252	四川恒发钢结构有限公司	川XD3G8Ho0vN3iRFE	钢结构制造	2021-01-01 00:00	2025-01-01 00:00	四川省住房和城乡建设厅	
253	四川金盛建筑有限公司	川XD3G8Ho0vN3iRFE	钢结构制造	2021-01-01 00:00	2025-01-01 00:00	四川省住房和城乡建设厅	
254	四川宏昌钢构有限公司	川XD3G8Ho0vN3iRFE	钢结构制造	2021-01-01 00:00	2025-01-01 00:00	四川省住房和城乡建设厅	
255	四川华盛建设有限公司	川XD3G8Ho0vN3iRFE	钢结构制造	2021-01-01 00:00	2025-01-01 00:00	四川省住房和城乡建设厅	
256	四川天利钢结构有限公司	川XD3G8Ho0vN3iRFE	钢结构制造	2021-01-01 00:00	2025-01-01 00:00	四川省住房和城乡建设厅	
257	四川永昌建筑有限公司	川XD3G8Ho0vN3iRFE	钢结构制造	2021-01-01 00:00	2025-01-01 00:00	四川省住房和城乡建设厅	
258	四川鼎鑫钢构有限公司	川XD3G8Ho0vN3iRFE	钢结构制造	2021-01-01 00:00	2025-01-01 00:00	四川省住房和城乡建设厅	
259	四川恒华建设有限公司	川XD3G8Ho0vN3iRFE	钢结构制造	2021-01-01 00:00	2025-01-01 00:00	四川省住房和城乡建设厅	
260	四川金泰建筑有限公司	川XD3G8Ho0vN3iRFE	钢结构制造	2021-01-01 00:00	2025-01-01 00:00	四川省住房和城乡建设厅	
261	四川华达钢结构有限公司	川XD3G8Ho0vN3iRFE	钢结构制造	2021-01-01 00:00	2025-01-01 00:00	四川省住房和城乡建设厅	
262	四川宏兴钢构有限公司	川XD3G8Ho0vN3iRFE	钢结构制造	2021-01-01 00:00	2025-01-01 00:00	四川省住房和城乡建设厅	
263	四川天瑞建设有限公司	川XD3G8Ho0vN3iRFE	钢结构制造	2021-01-01 00:00	2025-01-01 00:00	四川省住房和城乡建设厅	
264	四川永丰钢结构有限公司	川XD3G8Ho0vN3iRFE	钢结构制造	2021-01-01 00:00	2025-01-01 00:00	四川省住房和城乡建设厅	
搜狐号@中建协会
